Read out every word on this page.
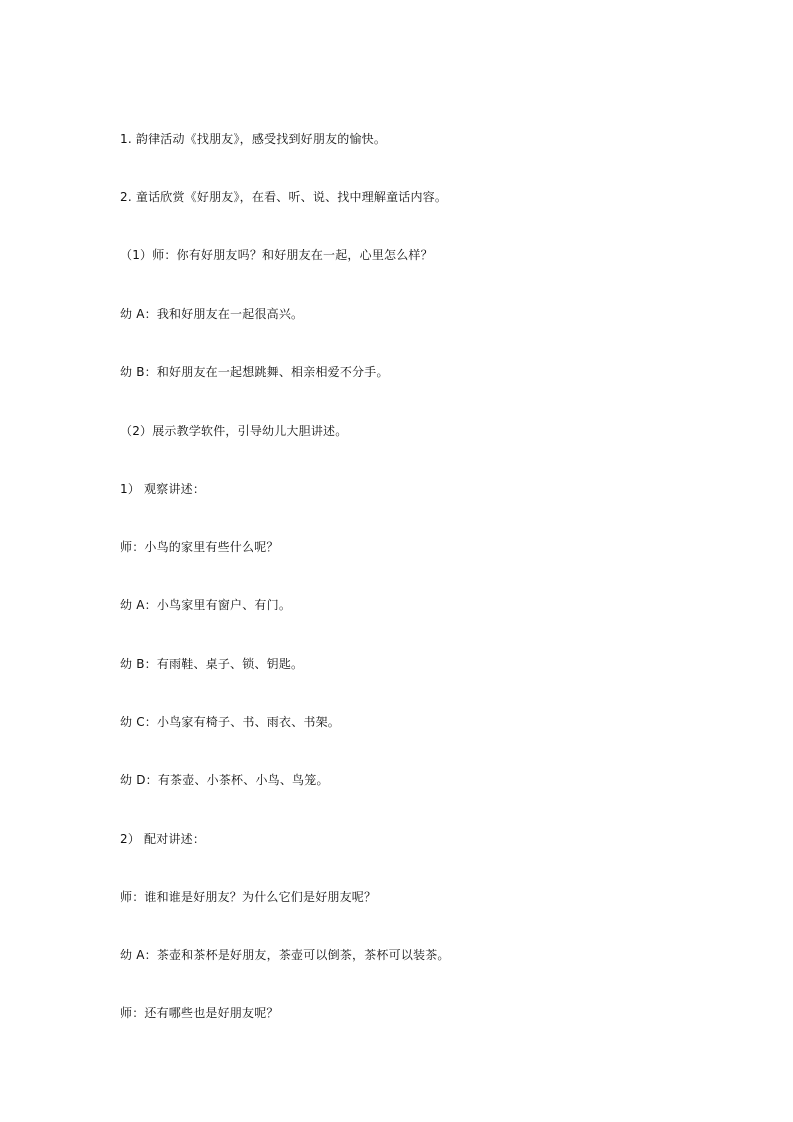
1. 韵律活动《找朋友》，感受找到好朋友的愉快。
2. 童话欣赏《好朋友》，在看、听、说、找中理解童话内容。
（1）师：你有好朋友吗？和好朋友在一起，心里怎么样？
幼 A：我和好朋友在一起很高兴。
幼 B：和好朋友在一起想跳舞、相亲相爱不分手。
（2）展示教学软件，引导幼儿大胆讲述。
1） 观察讲述：
师：小鸟的家里有些什么呢？
幼 A：小鸟家里有窗户、有门。
幼 B：有雨鞋、桌子、锁、钥匙。
幼 C：小鸟家有椅子、书、雨衣、书架。
幼 D：有茶壶、小茶杯、小鸟、鸟笼。
2） 配对讲述：
师：谁和谁是好朋友？为什么它们是好朋友呢？
幼 A：茶壶和茶杯是好朋友，茶壶可以倒茶，茶杯可以装茶。
师：还有哪些也是好朋友呢？
